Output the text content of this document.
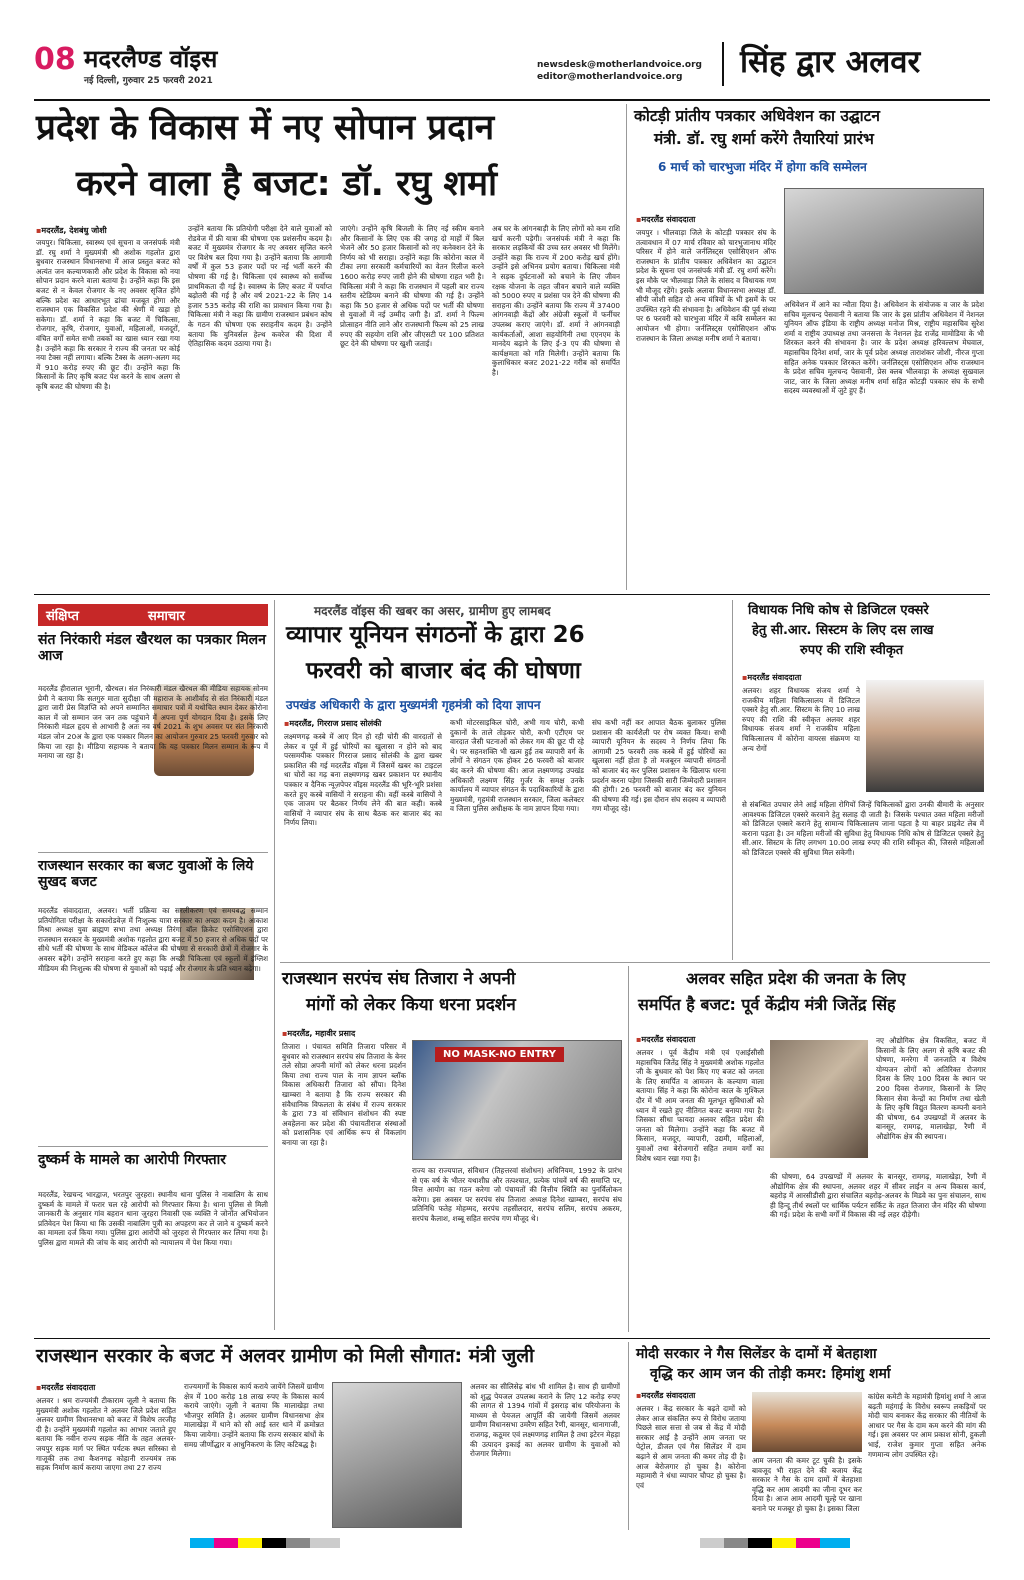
08 मदरलैण्ड वॉइस
नई दिल्ली, गुरुवार 25 फरवरी 2021
newsdesk@motherlandvoice.org
editor@motherlandvoice.org सिंह द्वार अलवर
प्रदेश के विकास में नए सोपान प्रदान
करने वाला है बजट: डॉ. रघु शर्मा
▪ मदरलैंड, देशबंधु जोशी
जयपुर। चिकित्सा, स्वास्थ्य एवं सूचना व जनसंपर्क मंत्री डॉ. रघु शर्मा ने मुख्यमंत्री श्री अशोक गहलोत द्वारा बुधवार राजस्थान विधानसभा में आज प्रस्तुत बजट को अत्यंत जन कल्याणकारी और प्रदेश के विकास को नया सोपान प्रदान करने वाला बताया है। उन्होंने कहा कि इस बजट से न केवल रोजगार के नए अवसर सृजित होंगे बल्कि प्रदेश का आधारभूत ढांचा मजबूत होगा और राजस्थान एक विकसित प्रदेश की श्रेणी में खड़ा हो सकेगा। डॉ. शर्मा ने कहा कि बजट में चिकित्सा, रोजगार, कृषि, रोजगार, युवाओं, महिलाओं, मजदूरों, वंचित वर्गों समेत सभी तबकों का खास ध्यान रखा गया है। उन्होंने कहा कि सरकार ने राज्य की जनता पर कोई नया टैक्स नहीं लगाया। बल्कि टैक्स के अलग-अलग मद में 910 करोड़ रुपए की छूट दी। उन्होंने कहा कि किसानों के लिए कृषि बजट पेश करने के साथ अलग से कृषि बजट की घोषणा की है।
उन्होंने बताया कि प्रतियोगी परीक्षा देने वाले युवाओं को रोडवेज में फ्री यात्रा की घोषणा एक प्रशंसनीय कदम है। बजट में मुख्यमंत्र रोजगार के नए अवसर सृजित करने पर विशेष बल दिया गया है। उन्होंने बताया कि आगामी वर्षों में कुल 53 हजार पदों पर नई भर्ती करने की घोषणा की गई है। चिकित्सा एवं स्वास्थ्य को सर्वोच्च प्राथमिकता दी गई है। स्वास्थ्य के लिए बजट में पर्याप्त बढ़ोतरी की गई है और वर्ष 2021-22 के लिए 14 हजार 535 करोड़ की राशि का प्रावधान किया गया है। चिकित्सा मंत्री ने कहा कि ग्रामीण राजस्थान प्रबंधन कोष के गठन की घोषणा एक सराहनीय कदम है। उन्होंने बताया कि युनिवर्सल हेल्थ कवरेज की दिशा में ऐतिहासिक कदम उठाया गया है।
जाएंगे। उन्होंने कृषि बिजली के लिए नई स्कीम बनाने और किसानों के लिए एक की जगह दो माहों में बिल भेजने और 50 हजार किसानों को नए कनेक्शन देने के निर्णय को भी सराहा। उन्होंने कहा कि कोरोना काल में टीका लगा सरकारी कर्मचारियों का वेतन रिलीज करने 1600 करोड़ रुपए जारी होने की घोषणा राहत भरी है। चिकित्सा मंत्री ने कहा कि राजस्थान में पहली बार राज्य स्तरीय स्टेडियम बनाने की घोषणा की गई है। उन्होंने कहा कि 50 हजार से अधिक पदों पर भर्ती की घोषणा से युवाओं में नई उम्मीद जगी है। डॉ. शर्मा ने फिल्म प्रोत्साहन नीति लाने और राजस्थानी फिल्म को 25 लाख रुपए की सहयोग राशि और जीएसटी पर 100 प्रतिशत छूट देने की घोषणा पर खुशी जताई।
अब घर के आंगनबाड़ी के लिए लोगों को कम राशि खर्च करनी पड़ेगी। जनसंपर्क मंत्री ने कहा कि सरकार लड़कियों की उच्च स्तर अवसर भी मिलेंगे। उन्होंने कहा कि राज्य में 200 करोड़ खर्च होंगे। उन्होंने इसे अभिनव प्रयोग बताया। चिकित्सा मंत्री ने सड़क दुर्घटनाओं को बचाने के लिए जीवन रक्षक योजना के तहत जीवन बचाने वाले व्यक्ति को 5000 रुपए व प्रशंसा पत्र देने की घोषणा की सराहना की। उन्होंने बताया कि राज्य में 37400 आंगनवाड़ी केंद्रों और अंग्रेजी स्कूलों में फर्नीचर उपलब्ध कराए जाएंगे। डॉ. शर्मा ने आंगनवाड़ी कार्यकर्ताओं, आशा सहयोगिनी तथा एएनएम के मानदेय बढ़ाने के लिए ई-3 एप की घोषणा से कार्यक्षमता को गति मिलेगी। उन्होंने बताया कि कुलाधिकार बजट 2021-22 गरीब को समर्पित है।
कोटड़ी प्रांतीय पत्रकार अधिवेशन का उद्घाटन
मंत्री. डॉ. रघु शर्मा करेंगे तैयारियां प्रारंभ
6 मार्च को चारभुजा मंदिर में होगा कवि सम्मेलन
▪ मदरलैंड संवाददाता
जयपुर । भीलवाड़ा जिले के कोटड़ी पत्रकार संघ के तत्वावधान में 07 मार्च रविवार को चारभुजानाथ मंदिर परिसर में होने वाले जर्नलिस्ट्स एसोसिएशन ऑफ राजस्थान के प्रांतीय पत्रकार अधिवेशन का उद्घाटन प्रदेश के सूचना एवं जनसंपर्क मंत्री डॉ. रघु शर्मा करेंगे। इस मौके पर भीलवाड़ा जिले के सांसद व विधायक गण भी मौजूद रहेंगे। इसके अलावा विधानसभा अध्यक्ष डॉ. सीपी जोशी सहित दो अन्य मंत्रियों के भी इसमें के पर उपस्थित रहने की संभावना है। अधिवेशन की पूर्व संध्या पर 6 फरवरी को चारभुजा मंदिर में कवि सम्मेलन का आयोजन भी होगा। जर्नलिस्ट्स एसोसिएशन ऑफ राजस्थान के जिला अध्यक्ष मनीष शर्मा ने बताया।
अधिवेशन में आने का न्यौता दिया है। अधिवेशन के संयोजक व जार के प्रदेश सचिव मूलचन्द पेसवानी ने बताया कि जार के इस प्रांतीय अधिवेशन में नेशनल यूनियन ऑफ इंडिया के राष्ट्रीय अध्यक्ष मनोज मिश्र, राष्ट्रीय महासचिव सुरेश शर्मा व राष्ट्रीय उपाध्यक्ष तथा जनसत्ता के नेशनल हेड राजेंद्र मामोडिया के भी शिरकत करने की संभावना है। जार के प्रदेश अध्यक्ष हरिवल्लभ मेघवाल, महासचिव दिनेश शर्मा, जार के पूर्व प्रदेश अध्यक्ष ताराशंकर जोशी, नीरज गुप्ता सहित अनेक पत्रकार शिरकत करेंगे। जर्नलिस्ट्स एसोसिएशन ऑफ राजस्थान के प्रदेश सचिव मूलचन्द पेसवानी, प्रेस क्लब भीलवाड़ा के अध्यक्ष सुखवाल जाट, जार के जिला अध्यक्ष मनीष शर्मा सहित कोटड़ी पत्रकार संघ के सभी सदस्य व्यवस्थाओं में जुटे हुए हैं।
संक्षिप्त	समाचार
संत निरंकारी मंडल खैरथल का पत्रकार मिलन आज
मदरलैंड हीरालाल भूरानी, खैरथल। संत निरंकारी मंडल खैरथल की मीडिया सहायक सोनम प्रेमी ने बताया कि सतगुरु माता सुदीक्षा जी महाराज के आशीर्वाद से संत निरंकारी मंडल द्वारा जारी प्रेस विज्ञप्ति को अपने सम्मानित समाचार पत्रों में यथोचित स्थान देकर कोरोना काल में जो सम्मान जन जन तक पहुंचाने में अपना पूर्ण योगदान दिया है। इसके लिए निरंकारी मंडल हृदय से आभारी है अतः नव वर्ष 2021 के शुभ अवसर पर संत निरंकारी मंडल जोन 20अ के द्वारा एक पत्रकार मिलन का आयोजन गुरुवार 25 फरवरी गुरुवार को किया जा रहा है। मीडिया सहायक ने बताया कि यह पत्रकार मिलन सम्मान के रूप में मनाया जा रहा है।
राजस्थान सरकार का बजट युवाओं के लिये सुखद बजट
मदरलैंड संवाददाता, अलवर। भर्ती प्रक्रिया का सरलीकरण एवं समयबद्ध सम्मान प्रतियोगिता परीक्षा के सकारोडवेज़ में निःशुल्क यात्रा सरकार का अच्छा कदम है। आकाश मिश्रा अध्यक्ष युवा ब्राह्मण सभा तथा अध्यक्ष तिरंगा बॉल क्रिकेट एसोसिएशन द्वारा राजस्थान सरकार के मुख्यमंत्री अशोक गहलोत द्वारा बजट में 50 हजार से अधिक पदों पर सीधे भर्ती की घोषणा के साथ मेडिकल कॉलेज की घोषणा से सरकारी छेत्रों में रोजगार के अवसर बढ़ेंगे। उन्होंने सराहना करते हुए कहा कि अच्छी चिकित्सा एवं स्कूलों में इंग्लिश मीडियम की निःशुल्क की घोषणा से युवाओं को पढ़ाई और रोजगार के प्रति ध्यान बढ़ेगा।
दुष्कर्म के मामले का आरोपी गिरफ्तार
मदरलैंड, रेखचन्द भारद्वाज, भरतपुर जुरहरा। स्थानीय थाना पुलिस ने नाबालिग के साथ दुष्कर्म के मामले में फरार चल रहे आरोपी को गिरफ्तार किया है। थाना पुलिस से मिली जानकारी के अनुसार गांव बहरान थाना जुरहरा निवासी एक व्यक्ति ने जोनोंत अभियोजन प्रतिवेदन पेश किया था कि उसकी नाबालिग पुत्री का अपहरण कर ले जाने व दुष्कर्म करने का मामला दर्ज किया गया। पुलिस द्वारा आरोपी को जुरहरा से गिरफ्तार कर लिया गया है। पुलिस द्वारा मामले की जांच के बाद आरोपी को न्यायालय में पेश किया गया।
मदरलैंड वॉइस की खबर का असर, ग्रामीण हुए लामबद
व्यापार यूनियन संगठनों के द्वारा 26
फरवरी को बाजार बंद की घोषणा
उपखंड अधिकारी के द्वारा मुख्यमंत्री गृहमंत्री को दिया ज्ञापन
▪ मदरलैंड, गिरराज प्रसाद सोलंकी
लक्ष्मणगढ़ कस्बे में आए दिन हो रही चोरी की वारदातों से लेकर व पूर्व में हुई चोरियों का खुलासा न होने को बाद परसमयीक पत्रकार गिरराज प्रसाद सोलंकी के द्वारा खबर प्रकाशित की गई मदरलैंड वॉइस में जिसमें खबर का टाइटल था चोरों का गढ़ बना लक्ष्मणगढ़ खबर प्रकाशन पर स्थानीय पत्रकार व दैनिक न्यूज़पेपर वॉइस मदरलैंड की भूरि-भूरि प्रशंसा करते हुए कस्बे वासियों ने सराहना की। वहीं कस्बे वासियों ने एक जाजम पर बैठकर निर्णय लेने की बात कही। कस्बे वासियों ने व्यापार संघ के साथ बैठक कर बाजार बंद का निर्णय लिया।
कभी मोटरसाइकिल चोरी, अभी गाय चोरी, कभी दुकानों के ताले तोड़कर चोरी, कभी एटीएम पर वारदात जैसी घटनाओं को लेकर गम की छूट पी रहे थे। पर सहनशक्ति भी खत्म हुई तब व्यापारी वर्ग के लोगों ने संगठन एक होकर 26 फरवरी को बाजार बंद करने की घोषणा की। आज लक्ष्मणगढ़ उपखंड अधिकारी लक्ष्मण सिंह गुर्जर के समक्ष उनके कार्यालय में व्यापार संगठन के पदाधिकारियों के द्वारा मुख्यमंत्री, गृहमंत्री राजस्थान सरकार, जिला कलेक्टर व जिला पुलिस अधीक्षक के नाम ज्ञापन दिया गया।
संघ कभी नहीं कर आपात बैठक बुलाकर पुलिस प्रशासन की कार्यशैली पर रोष व्यक्त किया। सभी व्यापारी यूनियन के सदस्य ने निर्णय लिया कि आगामी 25 फरवरी तक कस्बे में हुई चोरियों का खुलासा नहीं होता है तो मजबूरन व्यापारी संगठनों को बाजार बंद कर पुलिस प्रशासन के खिलाफ धरना प्रदर्शन करना पड़ेगा जिसकी सारी जिम्मेदारी प्रशासन की होगी। 26 फरवरी को बाजार बंद कर युनियन की घोषणा की गई। इस दौरान संघ सदस्य व व्यापारी गण मौजूद रहे।
विधायक निधि कोष से डिजिटल एक्सरे
हेतु सी.आर. सिस्टम के लिए दस लाख
रुपए की राशि स्वीकृत
▪ मदरलैंड संवाददाता
अलवर। शहर विधायक संजय शर्मा ने राजकीय महिला चिकित्सालय में डिजिटल एक्सरे हेतु सी.आर. सिस्टम के लिए 10 लाख रुपए की राशि की स्वीकृत अलवर शहर विधायक संजय शर्मा ने राजकीय महिला चिकित्सालय में कोरोना वायरस संक्रमण या अन्य रोगों
से संबन्धित उपचार लेने आई महिला रोगियों जिन्हें चिकित्सकों द्वारा उनकी बीमारी के अनुसार आवश्यक डिजिटल एक्सरे करवाने हेतु सलाह दी जाती है। जिसके पश्चात उक्त महिला मरीजों को डिजिटल एक्सरे कराने हेतु सामान्य चिकित्सालय जाना पड़ता है या बाहर प्राइवेट लेब में कराना पड़ता है। उन महिला मरीजों की सुविधा हेतु विधायक निधि कोष से डिजिटल एक्सरे हेतु सी.आर. सिस्टम के लिए लगभग 10.00 लाख रुपए की राशि स्वीकृत की, जिससे महिलाओं को डिजिटल एक्सरे की सुविधा मिल सकेगी।
राजस्थान सरपंच संघ तिजारा ने अपनी
मांगों को लेकर किया धरना प्रदर्शन
▪ मदरलैंड, महावीर प्रसाद
NO MASK-NO ENTRY
तिजारा । पंचायत समिति तिजारा परिसर में बुधवार को राजस्थान सरपंच संघ तिजारा के बेनर तले सोप्रा अपनी मांगों को लेकर धरना प्रदर्शन किया तथा राज्य पाल के नाम ज्ञापन ब्लॉक विकास अधिकारी तिजारा को सौंपा। दिनेश खाम्बरा ने बताया है कि राज्य सरकार की संवैधानिक विफलता के संबंध में राज्य सरकार के द्वारा 73 वां संविधान संशोधन की स्पष्ट अवहेलना कर प्रदेश की पंचायतीराज संस्थाओं को प्रशासनिक एवं आर्थिक रूप से विकलांग बनाया जा रहा है।
राज्य का राज्यपाल, संविधान (तिहत्तरवां संशोधन) अधिनियम, 1992 के प्रारंभ से एक वर्ष के भीतर यथाशीघ्र और तत्पश्चात, प्रत्येक पांचवें वर्ष की समाप्ति पर, वित्त आयोग का गठन करेगा जो पंचायतों की वित्तीय स्थिति का पुनर्विलोकन करेगा। इस अवसर पर सरपंच संघ तिजारा अध्यक्ष दिनेश खाम्बरा, सरपंच संघ प्रतिनिधि फतेह मोहम्मद, सरपंच तहसीलदार, सरपंच सलिम, सरपंच अकरम, सरपंच कैलाश, शब्बू सहित सरपंच गण मौजूद थे।
अलवर सहित प्रदेश की जनता के लिए
समर्पित है बजट: पूर्व केंद्रीय मंत्री जितेंद्र सिंह
▪ मदरलैंड संवाददाता
अलवर । पूर्व केंद्रीय मंत्री एवं एआईसीसी महासचिव जितेंद्र सिंह ने मुख्यमंत्री अशोक गहलोत जी के बुधवार को पेश किए गए बजट को जनता के लिए समर्पित व आमजन के कल्याण वाला बताया। सिंह ने कहा कि कोरोना काल के मुश्किल दौर में भी आम जनता की मूलभूत सुविधाओं को ध्यान में रखते हुए नीतिगत बजट बनाया गया है। जिसका सीधा फायदा अलवर सहित प्रदेश की जनता को मिलेगा। उन्होंने कहा कि बजट में किसान, मजदूर, व्यापारी, उद्यमी, महिलाओं, युवाओं तथा बेरोजगारों सहित तमाम वर्गों का विशेष ध्यान रखा गया है।
नए औद्योगिक क्षेत्र विकसित, बजट में किसानों के लिए अलग से कृषि बजट की घोषणा, मनरेगा में जनजाति व विशेष योग्यजन लोगों को अतिरिक्त रोजगार दिवस के लिए 100 दिवस के स्थान पर 200 दिवस रोजगार, किसानों के लिए किसान सेवा केन्द्रों का निर्माण तथा खेती के लिए कृषि विद्युत वितरण कम्पनी बनाने की घोषणा, 64 उपखण्डों में अलवर के बानसूर, रामगढ़, मालाखेड़ा, रैणी में औद्योगिक क्षेत्र की स्थापना।
की घोषणा, 64 उपखण्डों में अलवर के बानसूर, रामगढ़, मालाखेड़ा, रैणी में औद्योगिक क्षेत्र की स्थापना, अलवर शहर में सीवर लाईन व अन्य विकास कार्य, बहरोड़ में आरसीडीसी द्वारा संचालित बहरोड़-अलवर के मिडवे का पुनः संचालन, साथ ही हिन्दू तीर्थ स्थलों पर धार्मिक पर्यटन सर्किट के तहत तिजारा जैन मंदिर की घोषणा की गई। प्रदेश के सभी वर्गों में विकास की नई लहर दौड़ेगी।
राजस्थान सरकार के बजट में अलवर ग्रामीण को मिली सौगात: मंत्री जुली
▪ मदरलैंड संवाददाता
अलवर । श्रम राज्यमंत्री टीकाराम जूली ने बताया कि मुख्यमंत्री अशोक गहलोत ने अलवर जिले प्रदेश सहित अलवर ग्रामीण विधानसभा को बजट में विशेष तरजीह दी है। उन्होंने मुख्यमंत्री गहलोत का आभार जताते हुए बताया कि नवीन राज्य सड़क नीति के तहत अलवर-जयपुर सड़क मार्ग पर स्थित पर्यटक स्थल सरिस्का से गाजूकी तक तथा कैशनगढ़ कोहानी राज्यमंत्र तक सड़क निर्माण कार्य कराया जाएगा तथा 27 राज्य
राज्यमार्गों के विकास कार्य कराये जायेंगे जिसमें ग्रामीण क्षेत्र में 100 करोड़ 18 लाख रुपए के विकास कार्य कराये जाएंगे। जूली ने बताया कि मालाखेड़ा तथा भौजपुर समिति है। अलवर ग्रामीण विधानसभा क्षेत्र मालाखेड़ा में थाने को सौ आई स्तर थाने में क्रमोन्नत किया जायेगा। उन्होंने बताया कि राज्य सरकार बांधों के समग्र जीर्णोद्धार व आधुनिकरण के लिए कटिबद्ध है।
अलवर का सीलिसेढ़ बांध भी शामिल है। साथ ही ग्रामीणों को शुद्ध पेयजल उपलब्ध कराने के लिए 12 करोड़ रुपए की लागत से 1394 गांवों में इसराड़ बांध परियोजना के माध्यम से पेयजल आपूर्ति की जायेगी जिसमें अलवर ग्रामीण विधानसभा उमरैण सहित रैणी, बानसूर, थानागाजी, राजगढ़, कठूमर एवं लक्ष्मणगढ़ शामिल है तथा इटेरन मेहड़ा की उत्पादन इकाई का अलवर ग्रामीण के युवाओं को रोजगार मिलेगा।
मोदी सरकार ने गैस सिलेंडर के दामों में बेतहाशा
वृद्धि कर आम जन की तोड़ी कमर: हिमांशु शर्मा
▪ मदरलैंड संवाददाता
अलवर । केंद्र सरकार के बढ़ते दामों को लेकर आज संकलित रूप से विरोध जताया पिछले साल सत्ता से जब से केंद्र में मोदी सरकार आई है उन्होंने आम जनता पर पेट्रोल, डीजल एवं गैस सिलेंडर में दाम बढ़ाने से आम जनता की कमर तोड़ दी है। आज बेरोजगार हो चुका है। कोरोना महामारी ने धंधा व्यापार चौपट हो चुका है। एवं
आम जनता की कमर टूट चुकी है। इसके बावजूद भी राहत देने की बजाय केंद्र सरकार ने गैस के दाम दामों में बेतहाशा वृद्धि कर आम आदमी का जीना दूभर कर दिया है। आज आम आदमी चूल्हे पर खाना बनाने पर मजबूर हो चुका है। इसका जिला
कांग्रेस कमेटी के महामंत्री हिमांशु शर्मा ने आज बढ़ती महंगाई के विरोध स्वरूप लकड़ियों पर मोदी चाय बनाकर केंद्र सरकार की नीतियों के आधार पर गैस के दाम कम करने की मांग की गई। इस अवसर पर आम प्रकाश सोनी, हुकली भाई, राजेश कुमार गुप्ता सहित अनेक गणमान्य लोग उपस्थित रहे।
